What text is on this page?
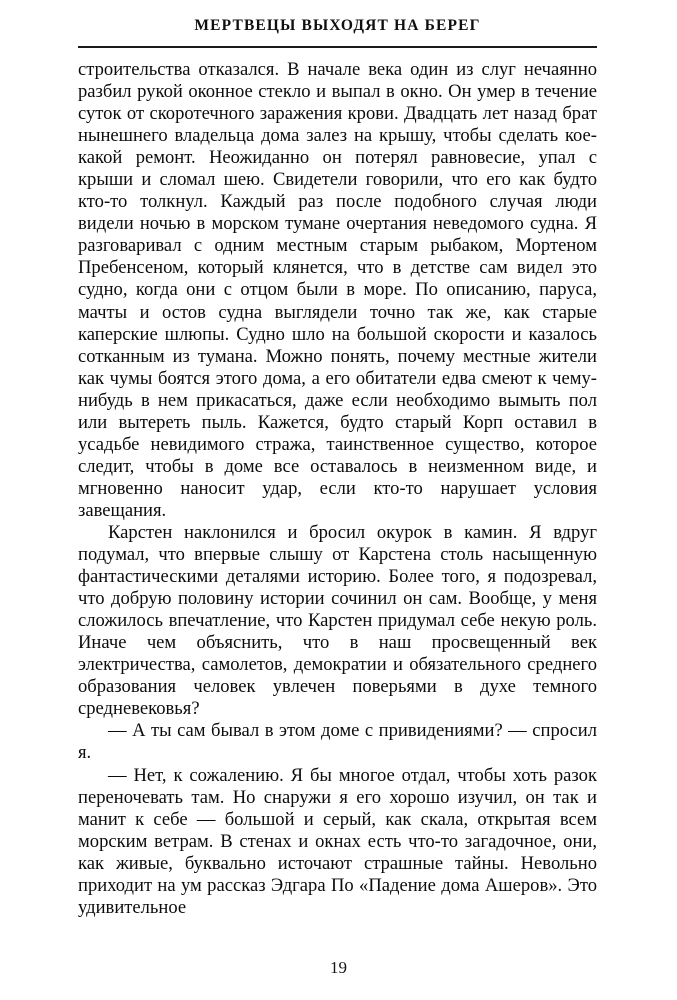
МЕРТВЕЦЫ ВЫХОДЯТ НА БЕРЕГ

строительства отказался. В начале века один из слуг нечаянно разбил рукой оконное стекло и выпал в окно. Он умер в течение суток от скоротечного заражения крови. Двадцать лет назад брат нынешнего владельца дома залез на крышу, чтобы сделать кое-какой ремонт. Неожиданно он потерял равновесие, упал с крыши и сломал шею. Свидетели говорили, что его как будто кто-то толкнул. Каждый раз после подобного случая люди видели ночью в морском тумане очертания неведомого судна. Я разговаривал с одним местным старым рыбаком, Мортеном Пребенсеном, который клянется, что в детстве сам видел это судно, когда они с отцом были в море. По описанию, паруса, мачты и остов судна выглядели точно так же, как старые каперские шлюпы. Судно шло на большой скорости и казалось сотканным из тумана. Можно понять, почему местные жители как чумы боятся этого дома, а его обитатели едва смеют к чему-нибудь в нем прикасаться, даже если необходимо вымыть пол или вытереть пыль. Кажется, будто старый Корп оставил в усадьбе невидимого стража, таинственное существо, которое следит, чтобы в доме все оставалось в неизменном виде, и мгновенно наносит удар, если кто-то нарушает условия завещания.

Карстен наклонился и бросил окурок в камин. Я вдруг подумал, что впервые слышу от Карстена столь насыщенную фантастическими деталями историю. Более того, я подозревал, что добрую половину истории сочинил он сам. Вообще, у меня сложилось впечатление, что Карстен придумал себе некую роль. Иначе чем объяснить, что в наш просвещенный век электричества, самолетов, демократии и обязательного среднего образования человек увлечен поверьями в духе темного средневековья?

— А ты сам бывал в этом доме с привидениями? — спросил я.

— Нет, к сожалению. Я бы многое отдал, чтобы хоть разок переночевать там. Но снаружи я его хорошо изучил, он так и манит к себе — большой и серый, как скала, открытая всем морским ветрам. В стенах и окнах есть что-то загадочное, они, как живые, буквально источают страшные тайны. Невольно приходит на ум рассказ Эдгара По «Падение дома Ашеров». Это удивительное

19
